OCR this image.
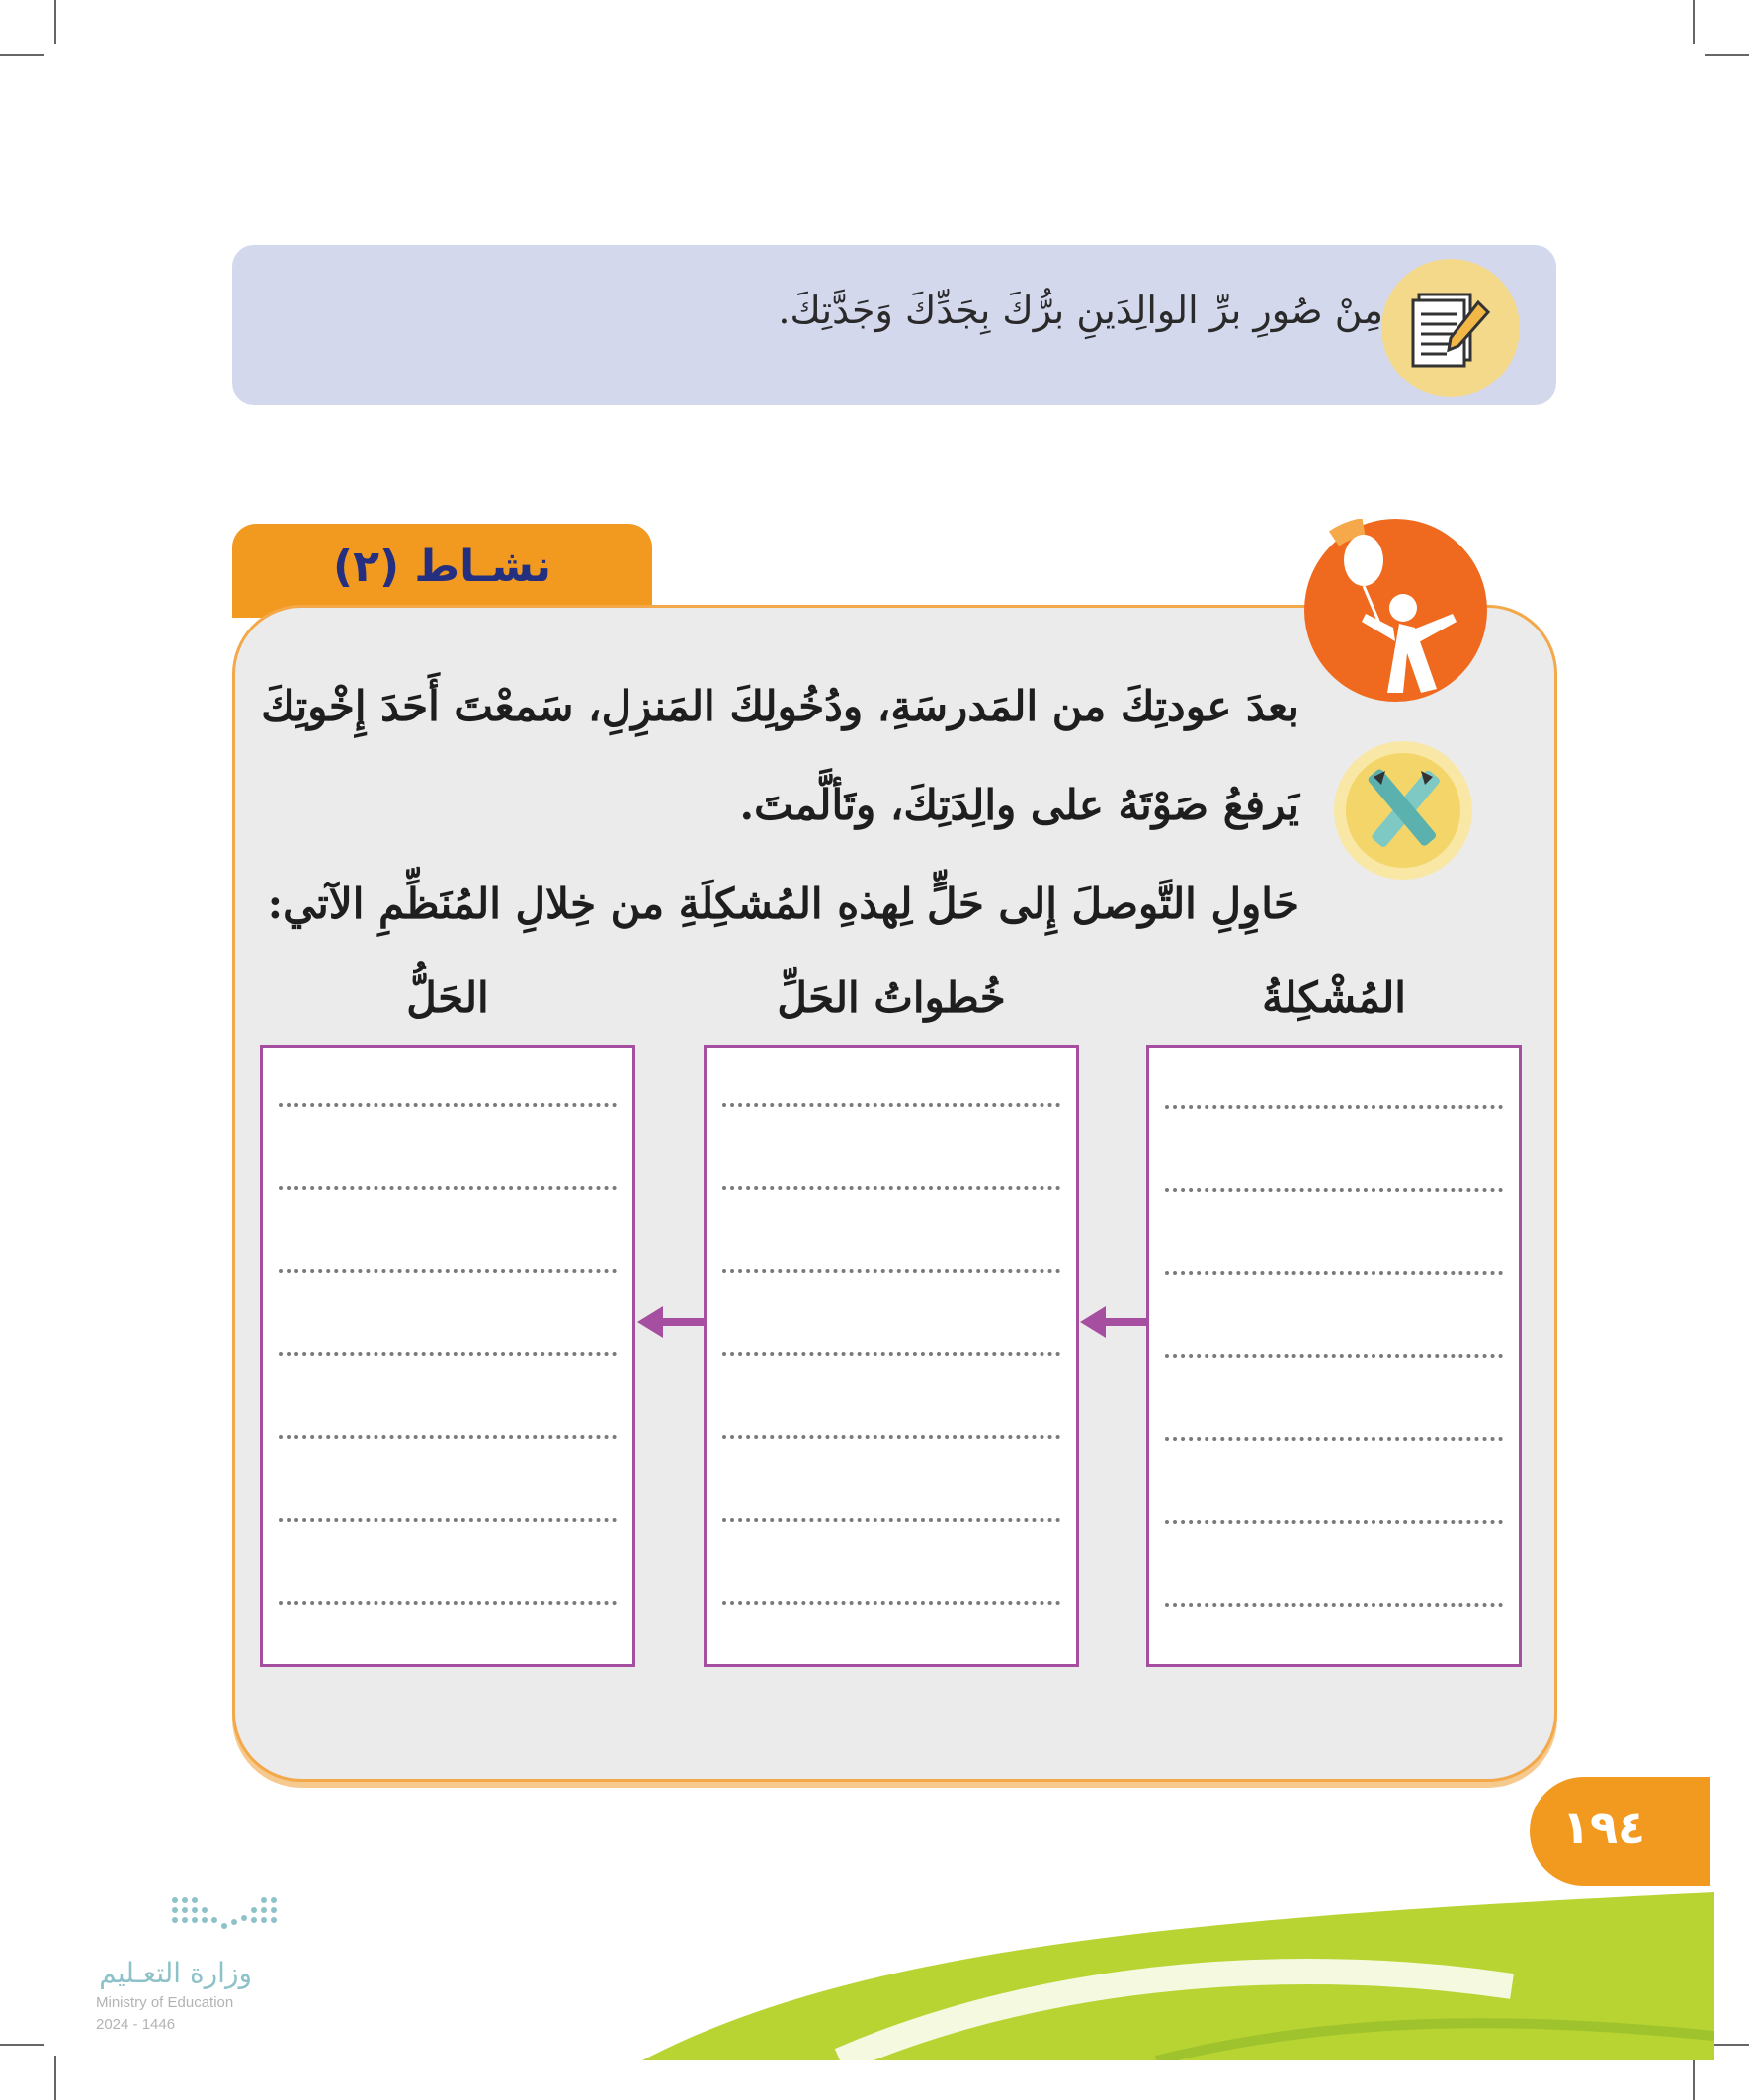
مِنْ صُورِ برِّ الوالِدَينِ برُّكَ بِجَدِّكَ وَجَدَّتِكَ.
نشـاط (٢)
بعدَ عودتِكَ من المَدرسَةِ، ودُخُولِكَ المَنزِلِ، سَمعْتَ أَحَدَ إِخْوتِكَ
يَرفعُ صَوْتَهُ على والِدَتِكَ، وتَألَّمتَ.
حَاوِلِ التَّوصلَ إِلى حَلٍّ لِهذهِ المُشكِلَةِ من خِلالِ المُنَظِّمِ الآتي:
المُشْكِلةُ
خُطواتُ الحَلِّ
الحَلُّ
١٩٤
وزارة التعـليم
Ministry of Education
2024 - 1446
